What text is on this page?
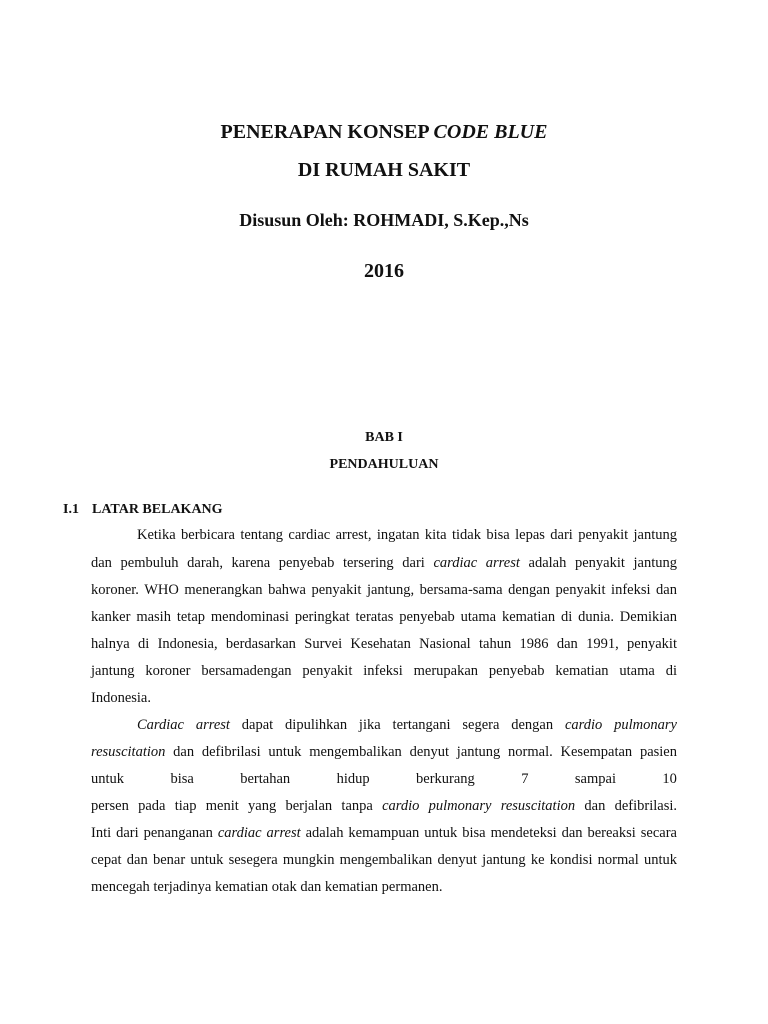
PENERAPAN KONSEP CODE BLUE
DI RUMAH SAKIT
Disusun Oleh: ROHMADI, S.Kep.,Ns
2016
BAB I
PENDAHULUAN
I.1 LATAR BELAKANG
Ketika berbicara tentang cardiac arrest, ingatan kita tidak bisa lepas dari penyakit jantung
dan pembuluh darah, karena penyebab tersering dari cardiac arrest adalah penyakit jantung
koroner. WHO menerangkan bahwa penyakit jantung, bersama-sama dengan penyakit infeksi dan
kanker masih tetap mendominasi peringkat teratas penyebab utama kematian di dunia. Demikian
halnya di Indonesia, berdasarkan Survei Kesehatan Nasional tahun 1986 dan 1991, penyakit
jantung koroner bersamadengan penyakit infeksi merupakan penyebab kematian utama di
Indonesia.
Cardiac arrest dapat dipulihkan jika tertangani segera dengan cardio pulmonary
resuscitation dan defibrilasi untuk mengembalikan denyut jantung normal. Kesempatan pasien
untuk	bisa	bertahan	hidup	berkurang	7	sampai	10
persen pada tiap menit yang berjalan tanpa cardio pulmonary resuscitation dan defibrilasi.
Inti dari penanganan cardiac arrest adalah kemampuan untuk bisa mendeteksi dan bereaksi secara
cepat dan benar untuk sesegera mungkin mengembalikan denyut jantung ke kondisi normal untuk
mencegah terjadinya kematian otak dan kematian permanen.
